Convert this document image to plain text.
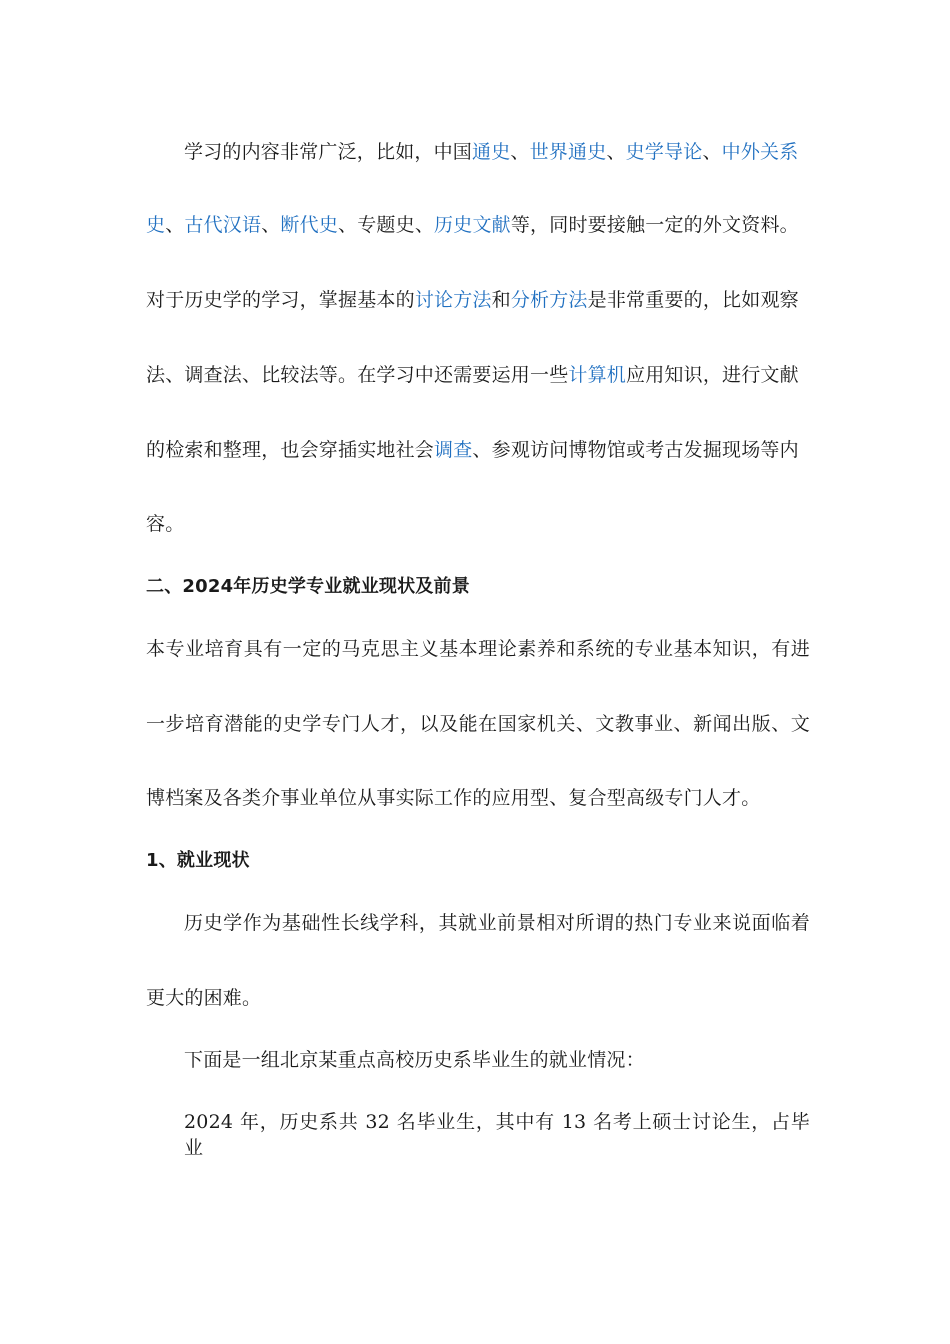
学习的内容非常广泛，比如，中国通史、世界通史、史学导论、中外关系
史、古代汉语、断代史、专题史、历史文献等，同时要接触一定的外文资料。
对于历史学的学习，掌握基本的讨论方法和分析方法是非常重要的，比如观察
法、调查法、比较法等。在学习中还需要运用一些计算机应用知识，进行文献
的检索和整理，也会穿插实地社会调查、参观访问博物馆或考古发掘现场等内
容。
二、2024年历史学专业就业现状及前景
本专业培育具有一定的马克思主义基本理论素养和系统的专业基本知识，有进
一步培育潜能的史学专门人才，以及能在国家机关、文教事业、新闻出版、文
博档案及各类介事业单位从事实际工作的应用型、复合型高级专门人才。
1、就业现状
历史学作为基础性长线学科，其就业前景相对所谓的热门专业来说面临着
更大的困难。
下面是一组北京某重点高校历史系毕业生的就业情况：
2024 年，历史系共 32 名毕业生，其中有 13 名考上硕士讨论生，占毕业
